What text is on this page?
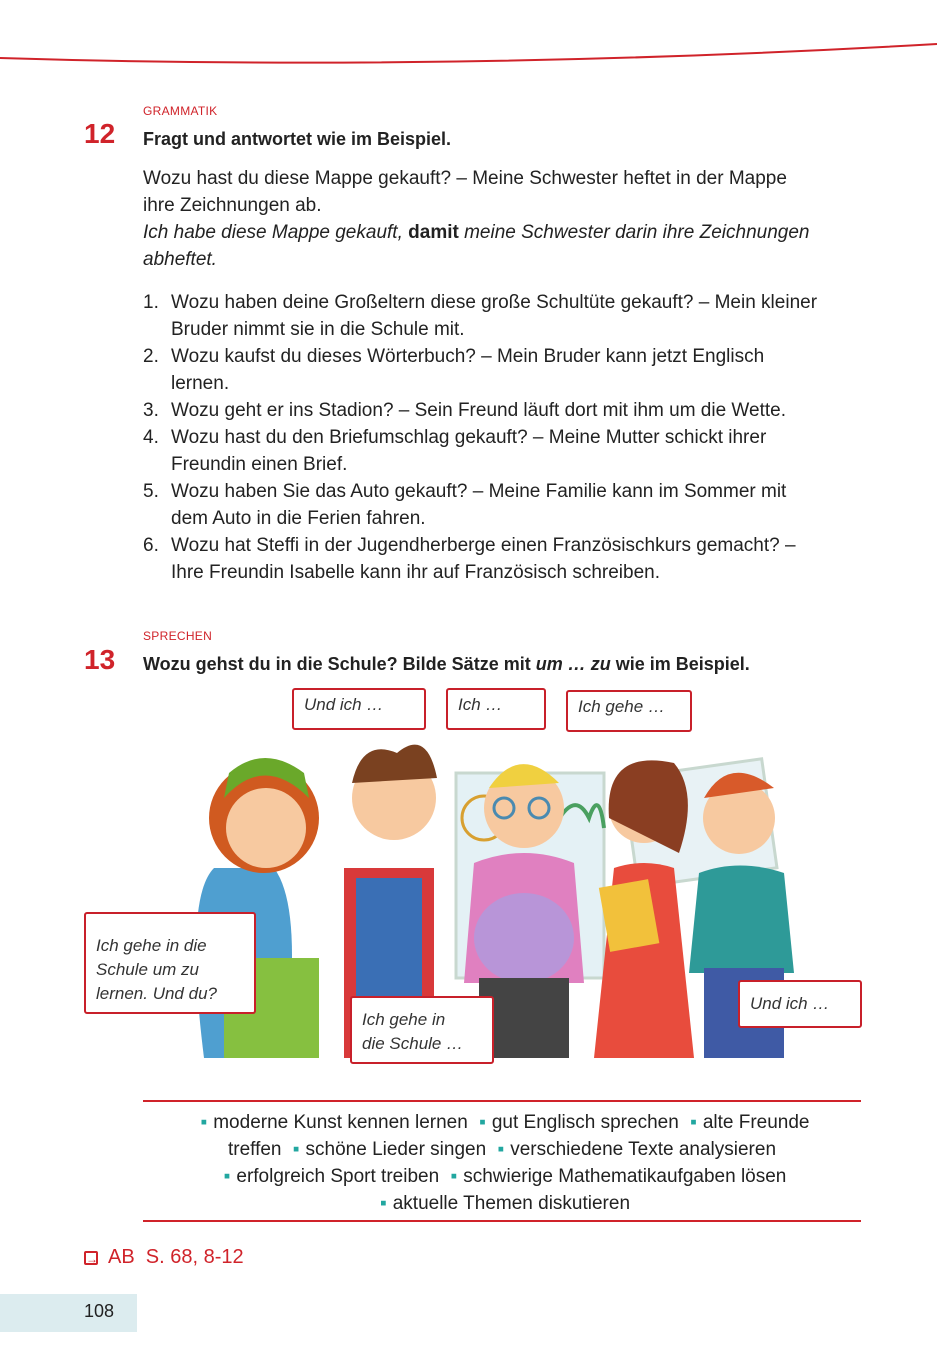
GRAMMATIK
12 Fragt und antwortet wie im Beispiel.
Wozu hast du diese Mappe gekauft? – Meine Schwester heftet in der Mappe
ihre Zeichnungen ab.
Ich habe diese Mappe gekauft, damit meine Schwester darin ihre Zeichnungen
abheftet.
1. Wozu haben deine Großeltern diese große Schultüte gekauft? – Mein kleiner
Bruder nimmt sie in die Schule mit.
2. Wozu kaufst du dieses Wörterbuch? – Mein Bruder kann jetzt Englisch
lernen.
3. Wozu geht er ins Stadion? – Sein Freund läuft dort mit ihm um die Wette.
4. Wozu hast du den Briefumschlag gekauft? – Meine Mutter schickt ihrer
Freundin einen Brief.
5. Wozu haben Sie das Auto gekauft? – Meine Familie kann im Sommer mit
dem Auto in die Ferien fahren.
6. Wozu hat Steffi in der Jugendherberge einen Französischkurs gemacht? –
Ihre Freundin Isabelle kann ihr auf Französisch schreiben.
SPRECHEN
13 Wozu gehst du in die Schule? Bilde Sätze mit um … zu wie im Beispiel.
Und ich …	Ich …	Ich gehe …
Ich gehe in die
Schule um zu
lernen. Und du?
Ich gehe in
die Schule …
Und ich …
▪ moderne Kunst kennen lernen ▪ gut Englisch sprechen ▪ alte Freunde
treffen ▪ schöne Lieder singen ▪ verschiedene Texte analysieren
▪ erfolgreich Sport treiben ▪ schwierige Mathematikaufgaben lösen
▪ aktuelle Themen diskutieren
→ AB  S. 68, 8-12
108
